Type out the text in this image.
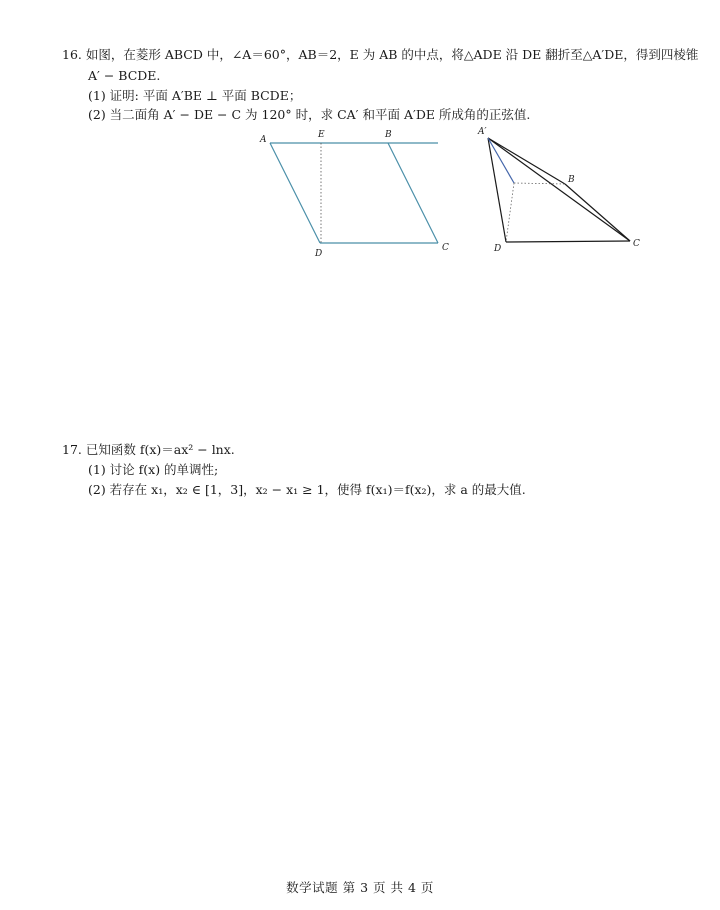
16. 如图，在菱形 ABCD 中，∠A＝60°，AB＝2，E 为 AB 的中点，将△ADE 沿 DE 翻折至△A′DE，得到四棱锥
A′ − BCDE.
(1) 证明: 平面 A′BE ⊥ 平面 BCDE；
(2) 当二面角 A′ − DE − C 为 120° 时，求 CA′ 和平面 A′DE 所成角的正弦值.
A	E	B
D
C
A′
B
D	C
17. 已知函数 f(x)＝ax² − lnx.
(1) 讨论 f(x) 的单调性;
(2) 若存在 x₁，x₂ ∈ [1，3]，x₂ − x₁ ≥ 1，使得 f(x₁)＝f(x₂)，求 a 的最大值.
数学试题 第 3 页 共 4 页
